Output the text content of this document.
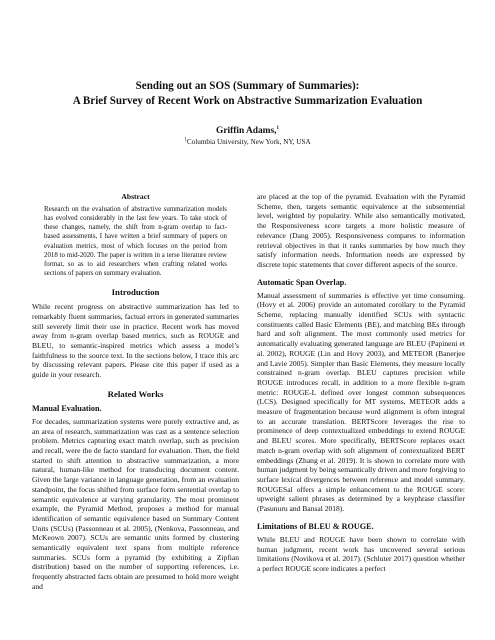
Sending out an SOS (Summary of Summaries):
A Brief Survey of Recent Work on Abstractive Summarization Evaluation
Griffin Adams,$^1$
$^1$Columbia University, New York, NY, USA
Abstract

Research on the evaluation of abstractive summarization models has evolved considerably in the last few years. To take stock of these changes, namely, the shift from n-gram overlap to fact-based assessments, I have written a brief summary of papers on evaluation metrics, most of which focuses on the period from 2018 to mid-2020. The paper is written in a terse literature review format, so as to aid researchers when crafting related works sections of papers on summary evaluation.

Introduction

While recent progress on abstractive summarization has led to remarkably fluent summaries, factual errors in generated summaries still severely limit their use in practice. Recent work has moved away from n-gram overlap based metrics, such as ROUGE and BLEU, to semantic-inspired metrics which assess a model’s faithfulness to the source text. In the sections below, I trace this arc by discussing relevant papers. Please cite this paper if used as a guide in your research.

Related Works
Manual Evaluation.

For decades, summarization systems were purely extractive and, as an area of research, summarization was cast as a sentence selection problem. Metrics capturing exact match overlap, such as precision and recall, were the de facto standard for evaluation. Then, the field started to shift attention to abstractive summarization, a more natural, human-like method for transducing document content. Given the large variance in language generation, from an evaluation standpoint, the focus shifted from surface form sentential overlap to semantic equivalence at varying granularity. The most prominent example, the Pyramid Method, proposes a method for manual identification of semantic equivalence based on Summary Content Units (SCUs) (Passonneau et al. 2005), (Nenkova, Passonneau, and McKeown 2007). SCUs are semantic units formed by clustering semantically equivalent text spans from multiple reference summaries. SCUs form a pyramid (by exhibiting a Zipfian distribution) based on the number of supporting references, i.e. frequently abstracted facts obtain are presumed to hold more weight and

are placed at the top of the pyramid. Evaluation with the Pyramid Scheme, then, targets semantic equivalence at the subsentential level, weighted by popularity. While also semantically motivated, the Responsiveness score targets a more holistic measure of relevance (Dang 2005). Responsiveness compares to information retrieval objectives in that it ranks summaries by how much they satisfy information needs. Information needs are expressed by discrete topic statements that cover different aspects of the source.

Automatic Span Overlap.

Manual assessment of summaries is effective yet time consuming. (Hovy et al. 2006) provide an automated corollary to the Pyramid Scheme, replacing manually identified SCUs with syntactic constituents called Basic Elements (BE), and matching BEs through hard and soft alignment. The most commonly used metrics for automatically evaluating generated language are BLEU (Papineni et al. 2002), ROUGE (Lin and Hovy 2003), and METEOR (Banerjee and Lavie 2005). Simpler than Basic Elements, they measure locally constrained n-gram overlap. BLEU captures precision while ROUGE introduces recall, in addition to a more flexible n-gram metric: ROUGE-L defined over longest common subsequences (LCS). Designed specifically for MT systems, METEOR adds a measure of fragmentation because word alignment is often integral to an accurate translation. BERTScore leverages the rise to prominence of deep contextualized embeddings to extend ROUGE and BLEU scores. More specifically, BERTScore replaces exact match n-gram overlap with soft alignment of contextualized BERT embeddings (Zhang et al. 2019). It is shown to correlate more with human judgment by being semantically driven and more forgiving to surface lexical divergences between reference and model summary. ROUGESal offers a simple enhancement to the ROUGE score: upweight salient phrases as determined by a keyphrase classifier (Pasunuru and Bansal 2018).

Limitations of BLEU & ROUGE.

While BLEU and ROUGE have been shown to correlate with human judgment, recent work has uncovered several serious limitations (Novikova et al. 2017). (Schluter 2017) question whether a perfect ROUGE score indicates a perfect
